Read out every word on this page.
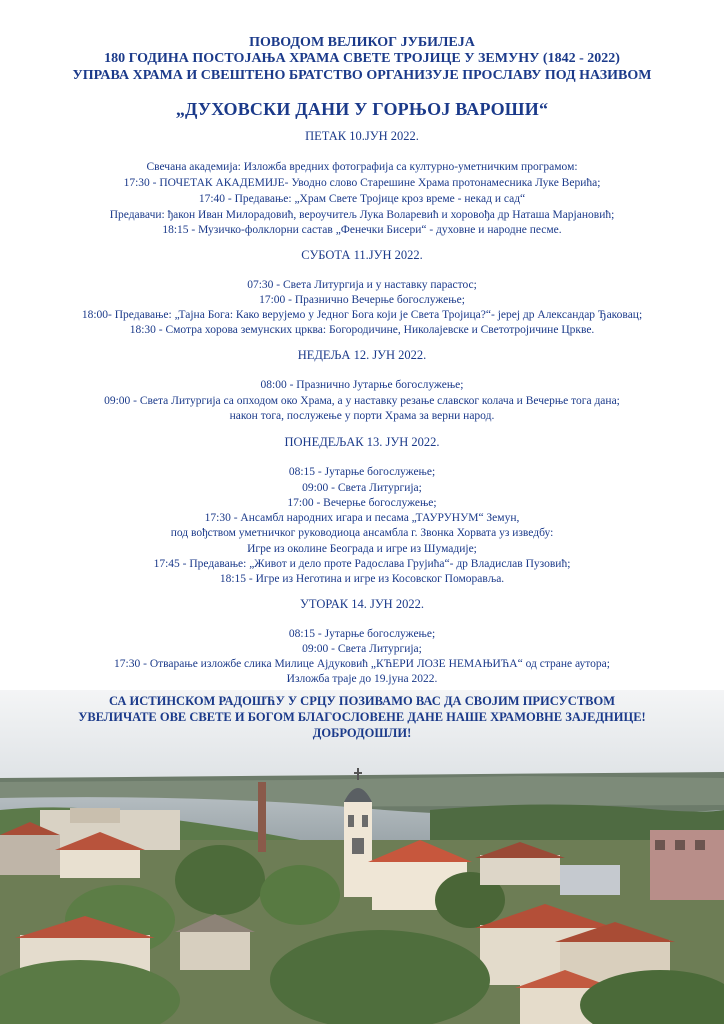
ПОВОДОМ ВЕЛИКОГ ЈУБИЛЕЈА
180 ГОДИНА ПОСТОЈАЊА ХРАМА СВЕТЕ ТРОЈИЦЕ У ЗЕМУНУ (1842 - 2022)
УПРАВА ХРАМА И СВЕШТЕНО БРАТСТВО ОРГАНИЗУЈЕ ПРОСЛАВУ ПОД НАЗИВОМ
„ДУХОВСКИ ДАНИ У ГОРЊОЈ ВАРОШИ“
ПЕТАК 10.ЈУН 2022.
Свечана академија: Изложба вредних фотографија са културно-уметничким програмом:
17:30 - ПОЧЕТАК АКАДЕМИЈЕ- Уводно слово Старешине Храма протонамесника Луке Верића;
17:40 - Предавање: „Храм Свете Тројице кроз време - некад и сад“
Предавачи: ђакон Иван Милорадовић, вероучитељ Лука Воларевић и хоровођа др Наташа Марјановић;
18:15 - Музичко-фолклорни састав „Фенечки Бисери“ - духовне и народне песме.
СУБОТА 11.ЈУН 2022.
07:30 - Света Литургија и у наставку парастос;
17:00 - Празнично Вечерње богослужење;
18:00- Предавање: „Тајна Бога: Како верујемо у Једног Бога који је Света Тројица?“- јереј др Александар Ђаковац;
18:30 - Смотра хорова земунских црква: Богородичине, Николајевске и Светотројичине Цркве.
НЕДЕЉА 12. ЈУН 2022.
08:00 - Празнично Јутарње богослужење;
09:00 - Света Литургија са опходом око Храма, а у наставку резање славског колача и Вечерње тога дана;
након тога, послужење у порти Храма за верни народ.
ПОНЕДЕЉАК 13. ЈУН 2022.
08:15 - Јутарње богослужење;
09:00 - Света Литургија;
17:00 - Вечерње богослужење;
17:30 - Ансамбл народних игара и песама „ТАУРУНУМ“ Земун,
под вођством уметничког руководиоца ансамбла г. Звонка Хорвата уз изведбу:
Игре из околине Београда и игре из Шумадије;
17:45 - Предавање: „Живот и дело проте Радослава Грујића“- др Владислав Пузовић;
18:15 - Игре из Неготина и игре из Косовског Поморавља.
УТОРАК 14. ЈУН 2022.
08:15 - Јутарње богослужење;
09:00 - Света Литургија;
17:30 - Отварање изложбе слика Милице Ајдуковић „КЋЕРИ ЛОЗЕ НЕМАЊИЋА“ од стране аутора;
Изложба траје до 19.јуна 2022.
СА ИСТИНСКОМ РАДОШЋУ У СРЦУ ПОЗИВАМО ВАС ДА СВОЈИМ ПРИСУСТВОМ
УВЕЛИЧАТЕ ОВЕ СВЕТЕ И БОГОМ БЛАГОСЛОВЕНЕ ДАНЕ НАШЕ ХРАМОВНЕ ЗАЈЕДНИЦЕ!
ДОБРОДОШЛИ!
